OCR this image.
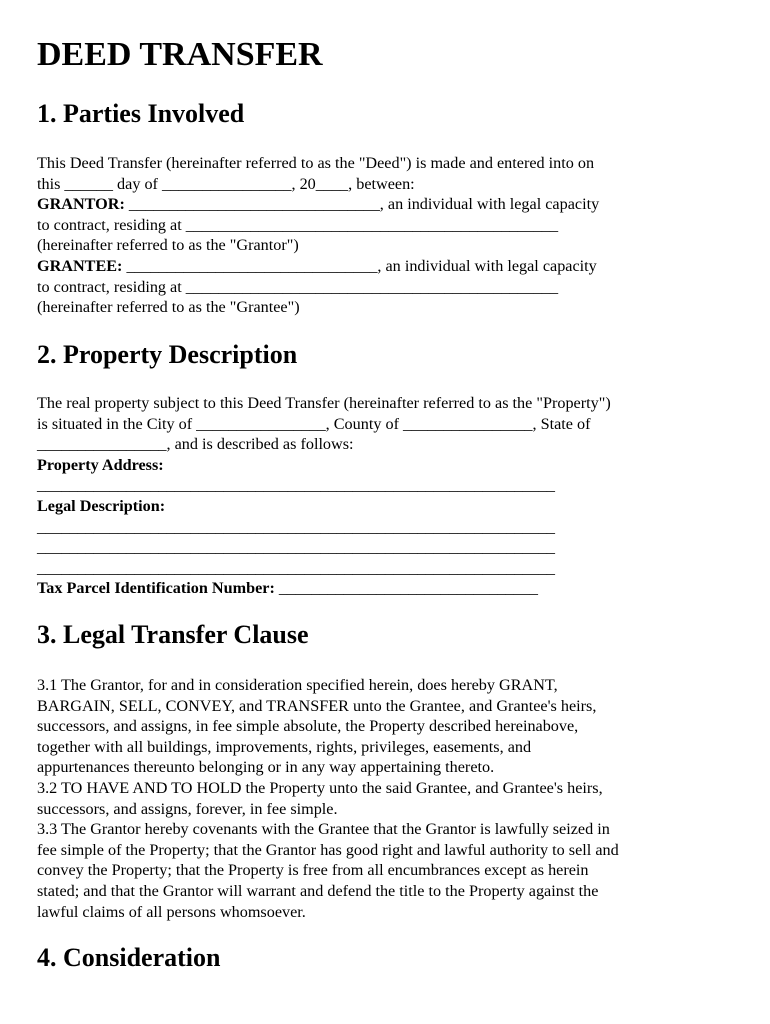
DEED TRANSFER
1. Parties Involved
This Deed Transfer (hereinafter referred to as the "Deed") is made and entered into on
this ______ day of ________________, 20____, between:
GRANTOR: _______________________________, an individual with legal capacity
to contract, residing at ______________________________________________
(hereinafter referred to as the "Grantor")
GRANTEE: _______________________________, an individual with legal capacity
to contract, residing at ______________________________________________
(hereinafter referred to as the "Grantee")
2. Property Description
The real property subject to this Deed Transfer (hereinafter referred to as the "Property")
is situated in the City of ________________, County of ________________, State of
________________, and is described as follows:
Property Address:
________________________________________________________________
Legal Description:
________________________________________________________________
________________________________________________________________
________________________________________________________________
Tax Parcel Identification Number: ________________________________
3. Legal Transfer Clause
3.1 The Grantor, for and in consideration specified herein, does hereby GRANT,
BARGAIN, SELL, CONVEY, and TRANSFER unto the Grantee, and Grantee's heirs,
successors, and assigns, in fee simple absolute, the Property described hereinabove,
together with all buildings, improvements, rights, privileges, easements, and
appurtenances thereunto belonging or in any way appertaining thereto.
3.2 TO HAVE AND TO HOLD the Property unto the said Grantee, and Grantee's heirs,
successors, and assigns, forever, in fee simple.
3.3 The Grantor hereby covenants with the Grantee that the Grantor is lawfully seized in
fee simple of the Property; that the Grantor has good right and lawful authority to sell and
convey the Property; that the Property is free from all encumbrances except as herein
stated; and that the Grantor will warrant and defend the title to the Property against the
lawful claims of all persons whomsoever.
4. Consideration
